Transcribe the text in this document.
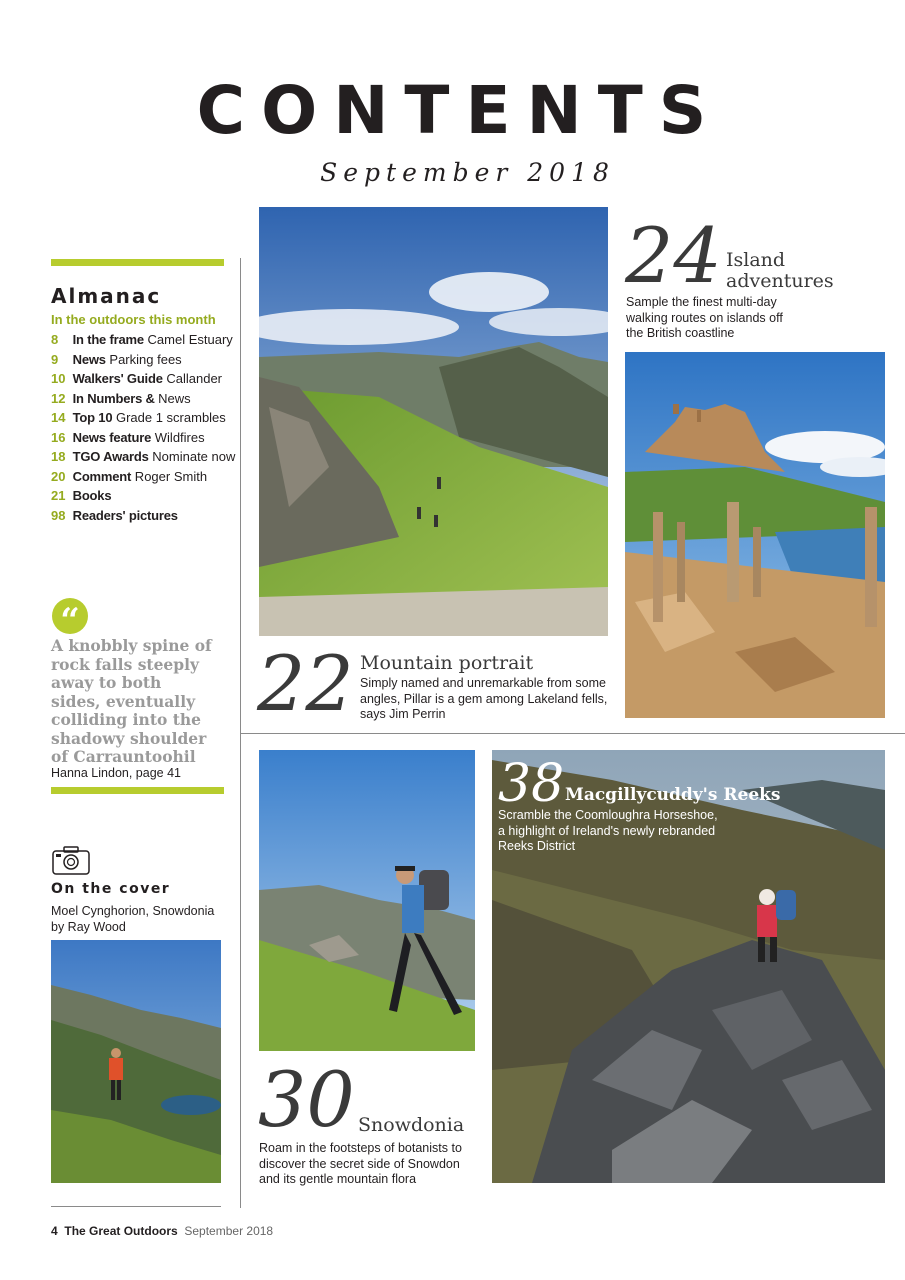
CONTENTS
September 2018
Almanac
In the outdoors this month
8 In the frame Camel Estuary
9 News Parking fees
10 Walkers' Guide Callander
12 In Numbers & News
14 Top 10 Grade 1 scrambles
16 News feature Wildfires
18 TGO Awards Nominate now
20 Comment Roger Smith
21 Books
98 Readers' pictures
“
A knobbly spine of
rock falls steeply
away to both
sides, eventually
colliding into the
shadowy shoulder
of Carrauntoohil
Hanna Lindon, page 41
On the cover
Moel Cynghorion, Snowdonia
by Ray Wood
4 The Great Outdoors September 2018
22 Mountain portrait
Simply named and unremarkable from some
angles, Pillar is a gem among Lakeland fells,
says Jim Perrin
24 Island
adventures
Sample the finest multi-day
walking routes on islands off
the British coastline
30 Snowdonia
Roam in the footsteps of botanists to
discover the secret side of Snowdon
and its gentle mountain flora
38 Macgillycuddy's Reeks
Scramble the Coomloughra Horseshoe,
a highlight of Ireland's newly rebranded
Reeks District
